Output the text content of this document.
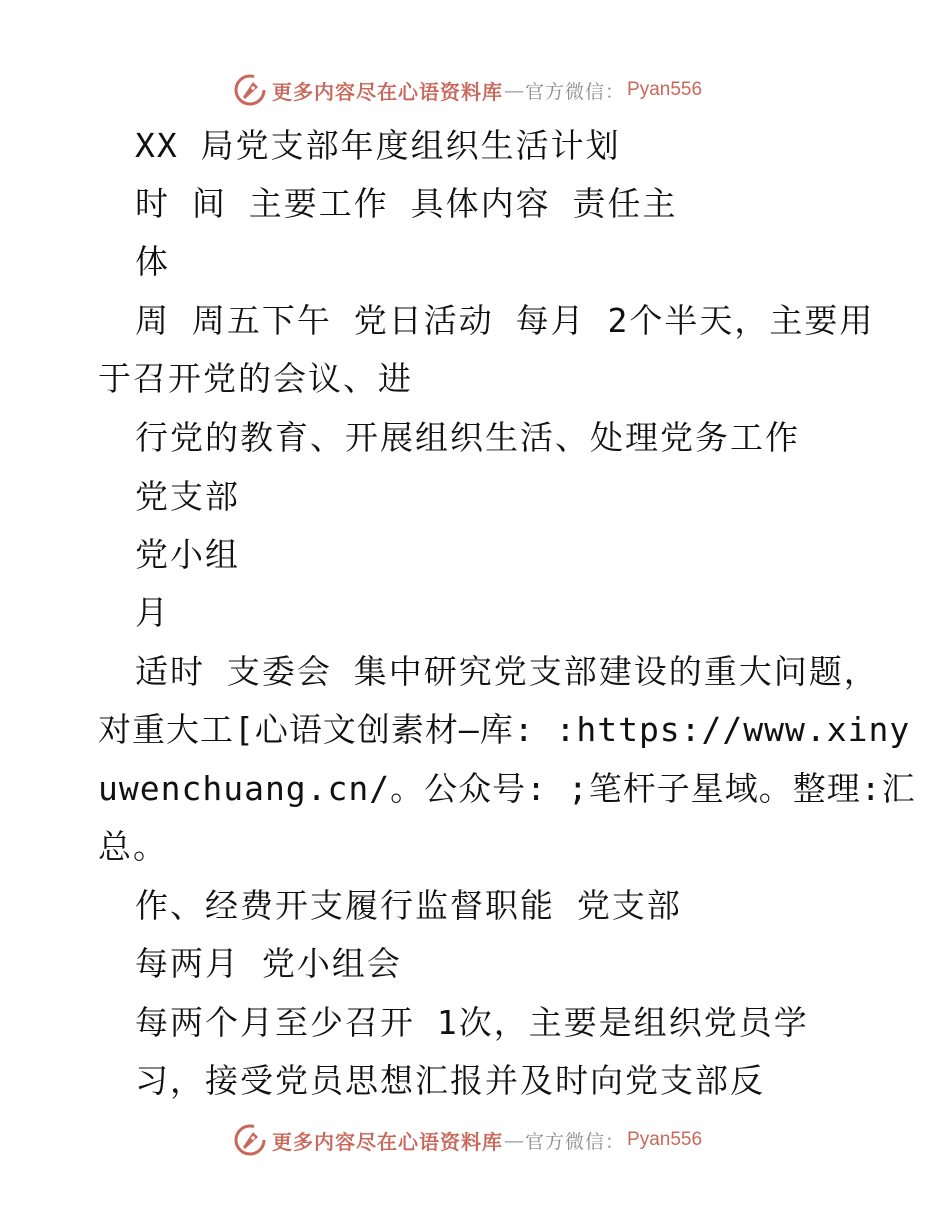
更多内容尽在心语资料库 — 官方微信： Pyan556
XX 局党支部年度组织生活计划
时 间 主要工作 具体内容 责任主
体
周 周五下午 党日活动 每月 2个半天，主要用
于召开党的会议、进
行党的教育、开展组织生活、处理党务工作
党支部
党小组
月
适时 支委会 集中研究党支部建设的重大问题，
对重大工[心语文创素材—库: :https://www.xiny
uwenchuang.cn/。公众号: ;笔杆子星域。整理:汇
总。
作、经费开支履行监督职能 党支部
每两月 党小组会
每两个月至少召开 1次，主要是组织党员学
习，接受党员思想汇报并及时向党支部反
更多内容尽在心语资料库 — 官方微信： Pyan556
